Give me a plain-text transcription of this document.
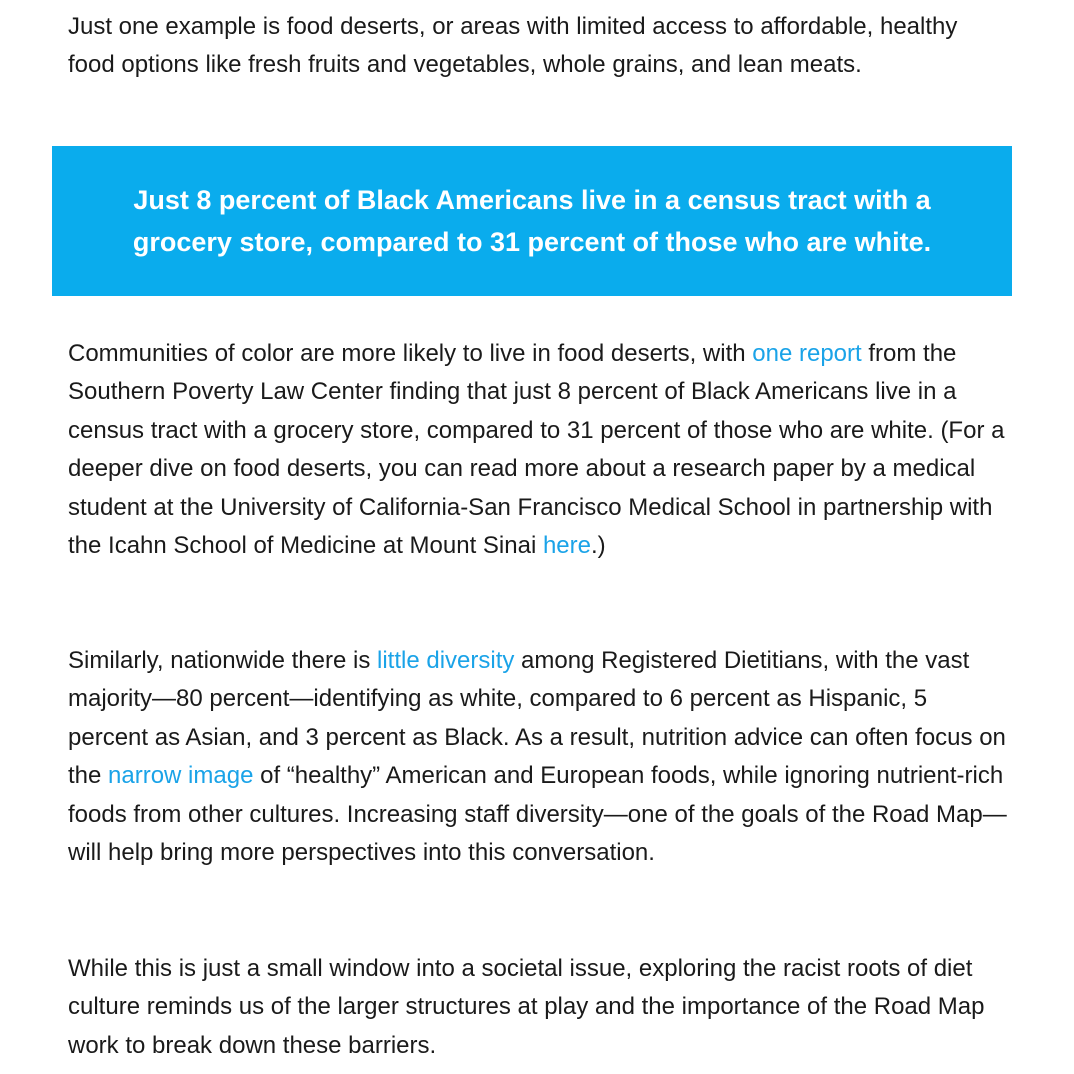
Just one example is food deserts, or areas with limited access to affordable, healthy food options like fresh fruits and vegetables, whole grains, and lean meats.

Just 8 percent of Black Americans live in a census tract with a
grocery store, compared to 31 percent of those who are white.

Communities of color are more likely to live in food deserts, with one report from the Southern Poverty Law Center finding that just 8 percent of Black Americans live in a census tract with a grocery store, compared to 31 percent of those who are white. (For a deeper dive on food deserts, you can read more about a research paper by a medical student at the University of California-San Francisco Medical School in partnership with the Icahn School of Medicine at Mount Sinai here.)

Similarly, nationwide there is little diversity among Registered Dietitians, with the vast majority—80 percent—identifying as white, compared to 6 percent as Hispanic, 5 percent as Asian, and 3 percent as Black. As a result, nutrition advice can often focus on the narrow image of “healthy” American and European foods, while ignoring nutrient-rich foods from other cultures. Increasing staff diversity—one of the goals of the Road Map—will help bring more perspectives into this conversation.

While this is just a small window into a societal issue, exploring the racist roots of diet culture reminds us of the larger structures at play and the importance of the Road Map work to break down these barriers.
